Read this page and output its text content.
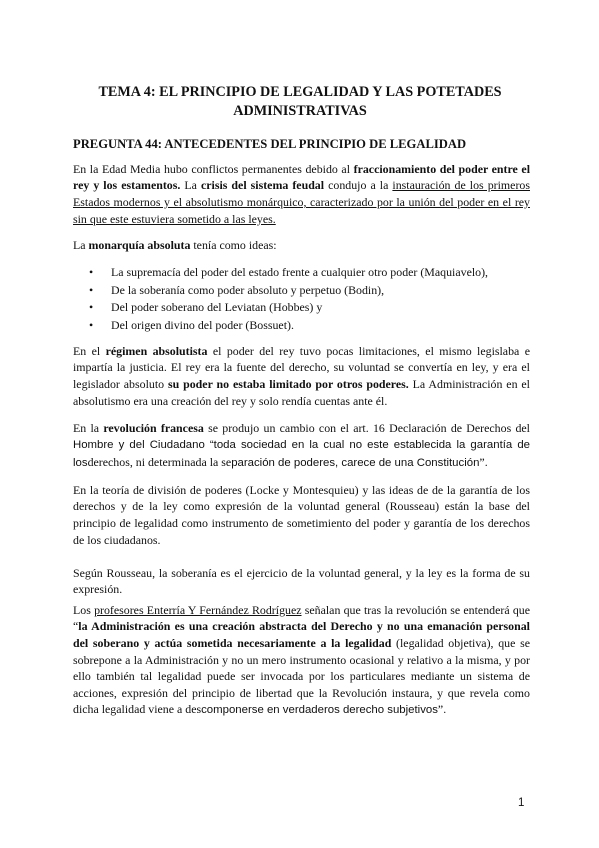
TEMA 4: EL PRINCIPIO DE LEGALIDAD Y LAS POTETADES
ADMINISTRATIVAS
PREGUNTA 44: ANTECEDENTES DEL PRINCIPIO DE LEGALIDAD

En la Edad Media hubo conflictos permanentes debido al fraccionamiento del poder entre el rey y los estamentos. La crisis del sistema feudal condujo a la instauración de los primeros Estados modernos y el absolutismo monárquico, caracterizado por la unión del poder en el rey sin que este estuviera sometido a las leyes.

La monarquía absoluta tenía como ideas:

•	La supremacía del poder del estado frente a cualquier otro poder (Maquiavelo),
•	De la soberanía como poder absoluto y perpetuo (Bodin),
•	Del poder soberano del Leviatan (Hobbes) y
•	Del origen divino del poder (Bossuet).

En el régimen absolutista el poder del rey tuvo pocas limitaciones, el mismo legislaba e impartía la justicia. El rey era la fuente del derecho, su voluntad se convertía en ley, y era el legislador absoluto su poder no estaba limitado por otros poderes. La Administración en el absolutismo era una creación del rey y solo rendía cuentas ante él.

En la revolución francesa se produjo un cambio con el art. 16 Declaración de Derechos del Hombre y del Ciudadano “toda sociedad en la cual no este establecida la garantía de losderechos, ni determinada la separación de poderes, carece de una Constitución”.

En la teoría de división de poderes (Locke y Montesquieu) y las ideas de de la garantía de los derechos y de la ley como expresión de la voluntad general (Rousseau) están la base del principio de legalidad como instrumento de sometimiento del poder y garantía de los derechos de los ciudadanos.

Según Rousseau, la soberanía es el ejercicio de la voluntad general, y la ley es la forma de su expresión.

Los profesores Enterría Y Fernández Rodríguez señalan que tras la revolución se entenderá que “la Administración es una creación abstracta del Derecho y no una emanación personal del soberano y actúa sometida necesariamente a la legalidad (legalidad objetiva), que se sobrepone a la Administración y no un mero instrumento ocasional y relativo a la misma, y por ello también tal legalidad puede ser invocada por los particulares mediante un sistema de acciones, expresión del principio de libertad que la Revolución instaura, y que revela como dicha legalidad viene a descomponerse en verdaderos derecho subjetivos”.

1
